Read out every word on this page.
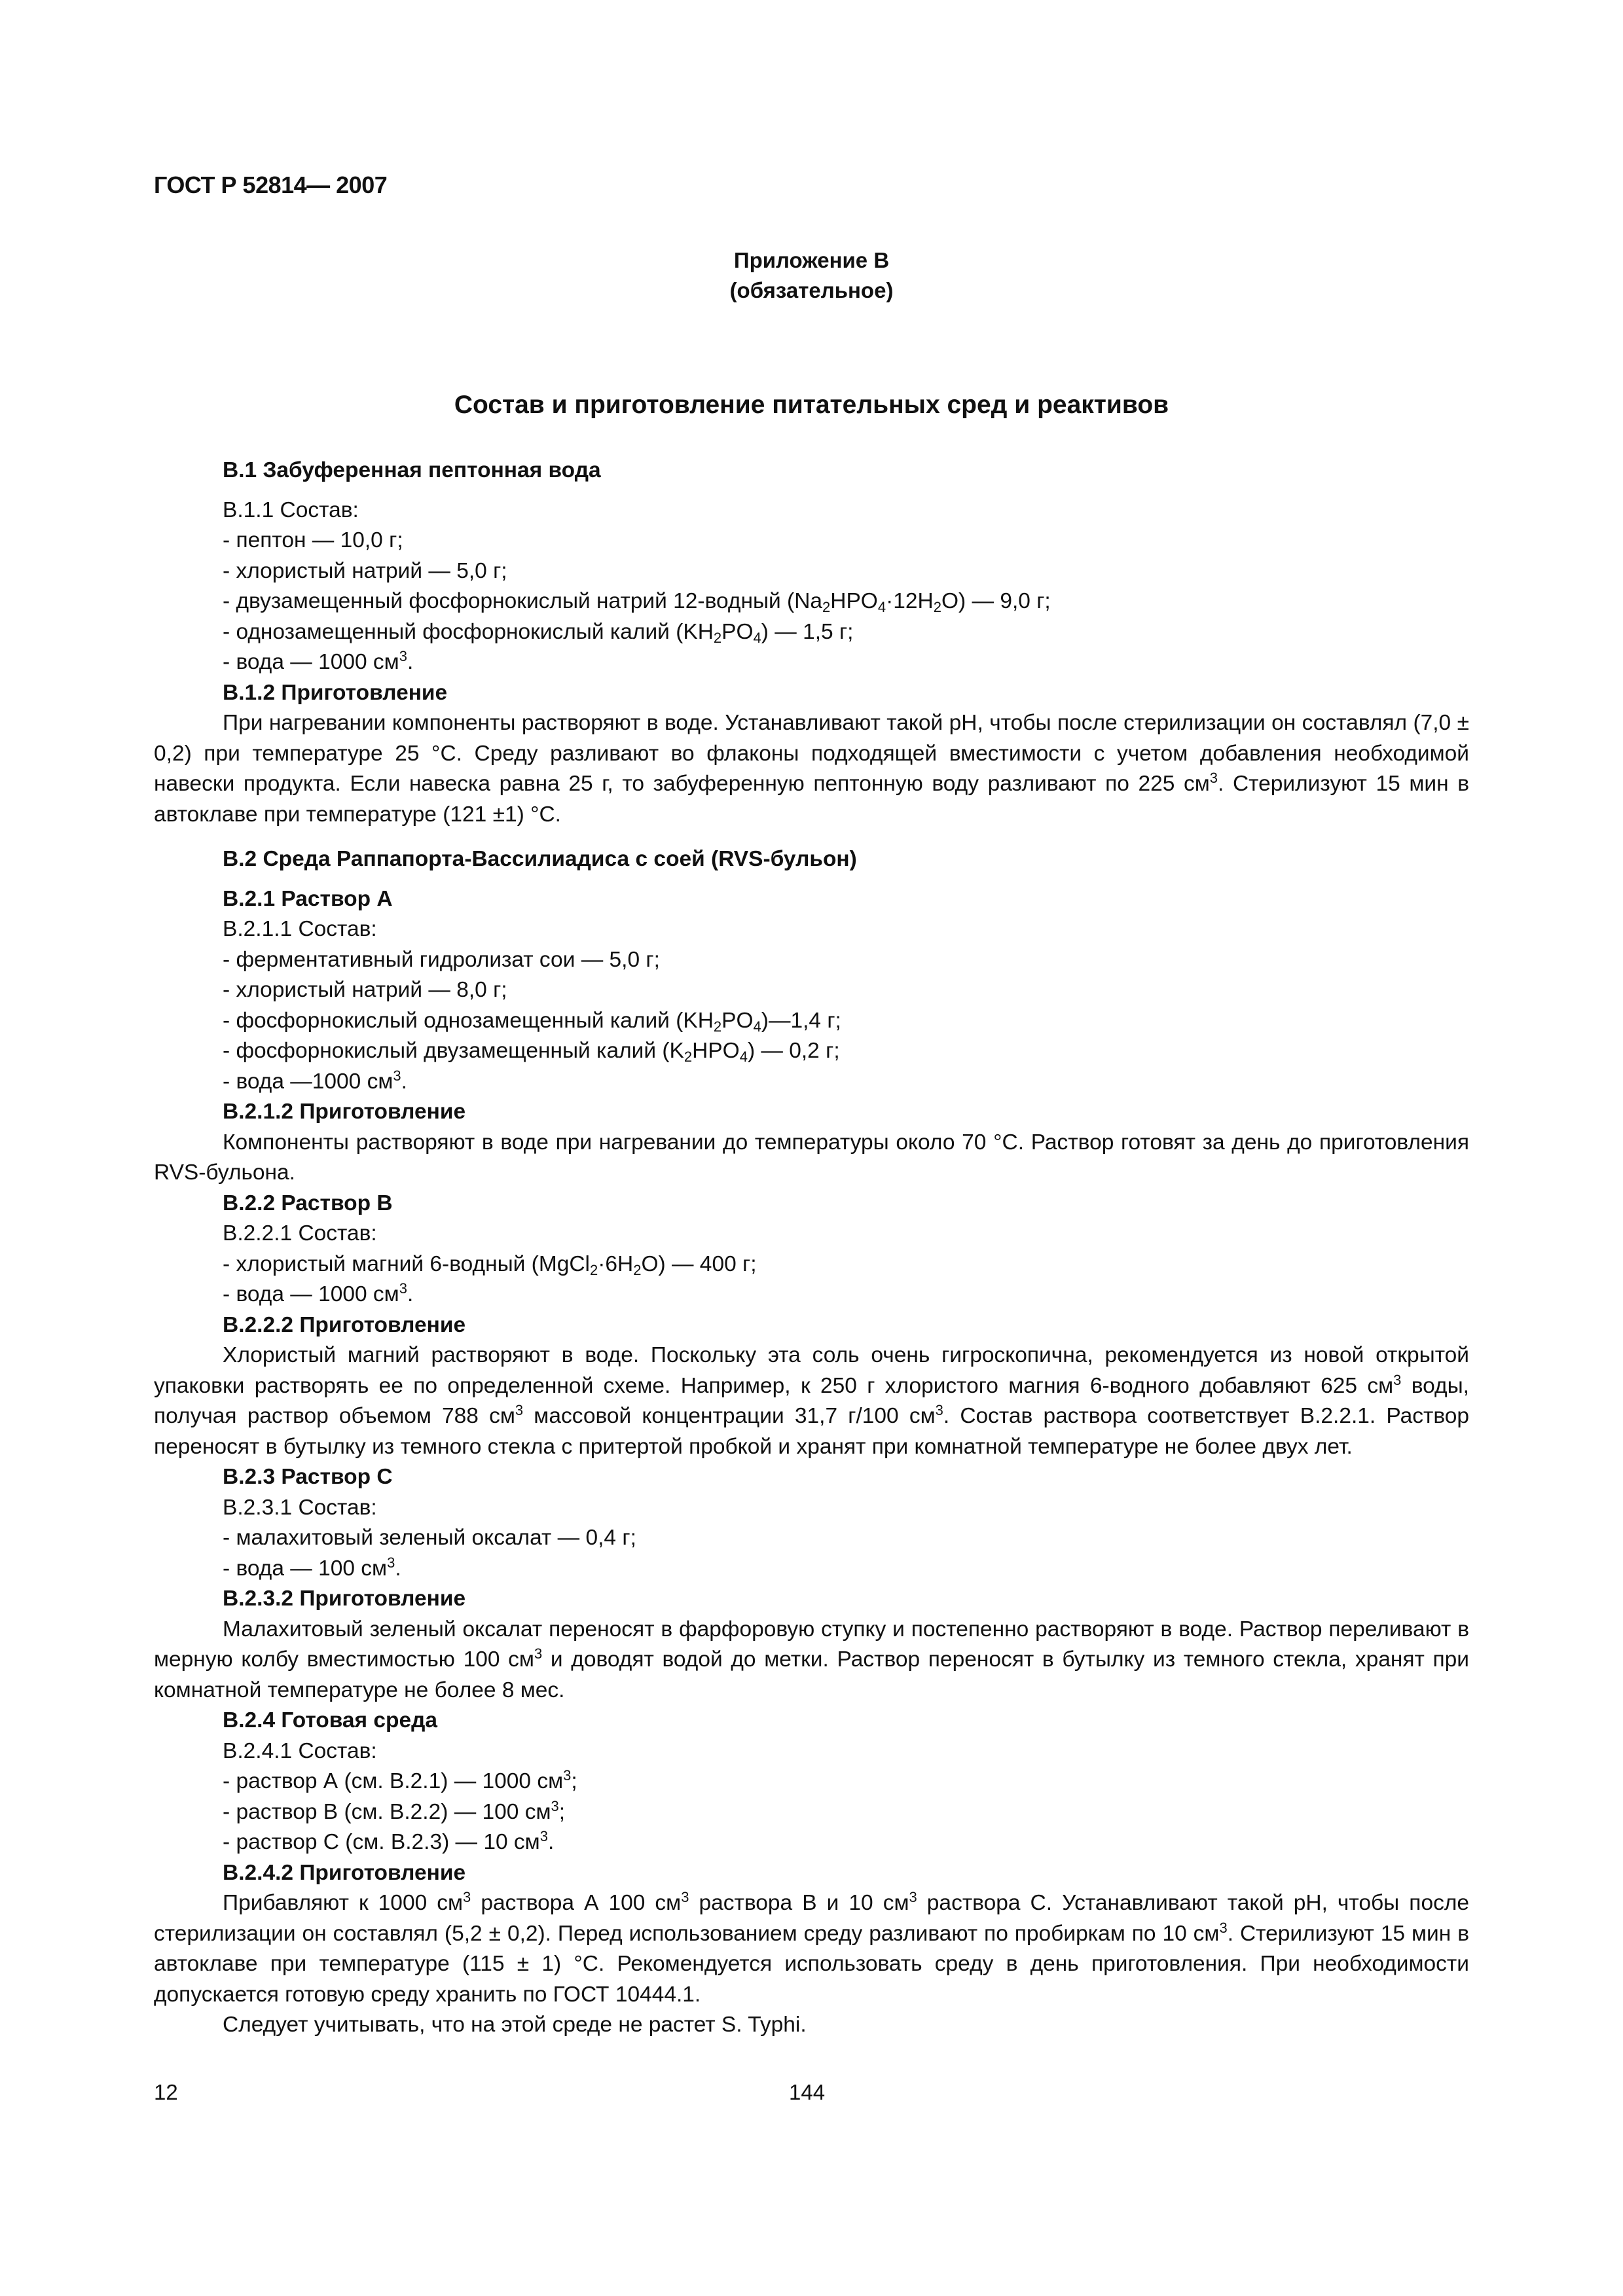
ГОСТ Р 52814— 2007
Приложение В
(обязательное)
Состав и приготовление питательных сред и реактивов

В.1 Забуференная пептонная вода

В.1.1 Состав:

- пептон — 10,0 г;

- хлористый натрий — 5,0 г;

- двузамещенный фосфорнокислый натрий 12-водный $(Na_2HPO_4\cdot 12H_2O)$ — 9,0 г;

- однозамещенный фосфорнокислый калий $(KH_2PO_4)$ — 1,5 г;

- вода — 1000 $см^3$.

В.1.2 Приготовление

При нагревании компоненты растворяют в воде. Устанавливают такой pH, чтобы после стерилизации он составлял (7,0 ± 0,2) при температуре 25 °С. Среду разливают во флаконы подходящей вместимости с учетом добавления необходимой навески продукта. Если навеска равна 25 г, то забуференную пептонную воду разливают по 225 $см^3$. Стерилизуют 15 мин в автоклаве при температуре (121 ±1) °С.

В.2 Среда Раппапорта-Вассилиадиса с соей (RVS-бульон)

В.2.1 Раствор А

В.2.1.1 Состав:

- ферментативный гидролизат сои — 5,0 г;

- хлористый натрий — 8,0 г;

- фосфорнокислый однозамещенный калий $(KH_2PO_4)—1,4$ г;

- фосфорнокислый двузамещенный калий $(K_2HPO_4)$ — 0,2 г;

- вода —1000 $см^3$.

В.2.1.2 Приготовление

Компоненты растворяют в воде при нагревании до температуры около 70 °С. Раствор готовят за день до приготовления RVS-бульона.

В.2.2 Раствор В

В.2.2.1 Состав:

- хлористый магний 6-водный $(MgCl_2\cdot 6H_2O)$ — 400 г;

- вода — 1000 $см^3$.

В.2.2.2 Приготовление

Хлористый магний растворяют в воде. Поскольку эта соль очень гигроскопична, рекомендуется из новой открытой упаковки растворять ее по определенной схеме. Например, к 250 г хлористого магния 6-водного добавляют 625 $см^3$ воды, получая раствор объемом 788 $см^3$ массовой концентрации 31,7 г/100 $см^3$. Состав раствора соответствует В.2.2.1. Раствор переносят в бутылку из темного стекла с притертой пробкой и хранят при комнатной температуре не более двух лет.

В.2.3 Раствор С

В.2.3.1 Состав:

- малахитовый зеленый оксалат — 0,4 г;

- вода — 100 $см^3$.

В.2.3.2 Приготовление

Малахитовый зеленый оксалат переносят в фарфоровую ступку и постепенно растворяют в воде. Раствор переливают в мерную колбу вместимостью 100 $см^3$ и доводят водой до метки. Раствор переносят в бутылку из темного стекла, хранят при комнатной температуре не более 8 мес.

В.2.4 Готовая среда

В.2.4.1 Состав:

- раствор А (см. В.2.1) — 1000 $см^3$;

- раствор В (см. В.2.2) — 100 $см^3$;

- раствор С (см. В.2.3) — 10 $см^3$.

В.2.4.2 Приготовление

Прибавляют к 1000 $см^3$ раствора А 100 $см^3$ раствора В и 10 $см^3$ раствора С. Устанавливают такой pH, чтобы после стерилизации он составлял (5,2 ± 0,2). Перед использованием среду разливают по пробиркам по 10 $см^3$. Стерилизуют 15 мин в автоклаве при температуре (115 ± 1) °С. Рекомендуется использовать среду в день приготовления. При необходимости допускается готовую среду хранить по ГОСТ 10444.1.

Следует учитывать, что на этой среде не растет S. Typhi.

12	144
